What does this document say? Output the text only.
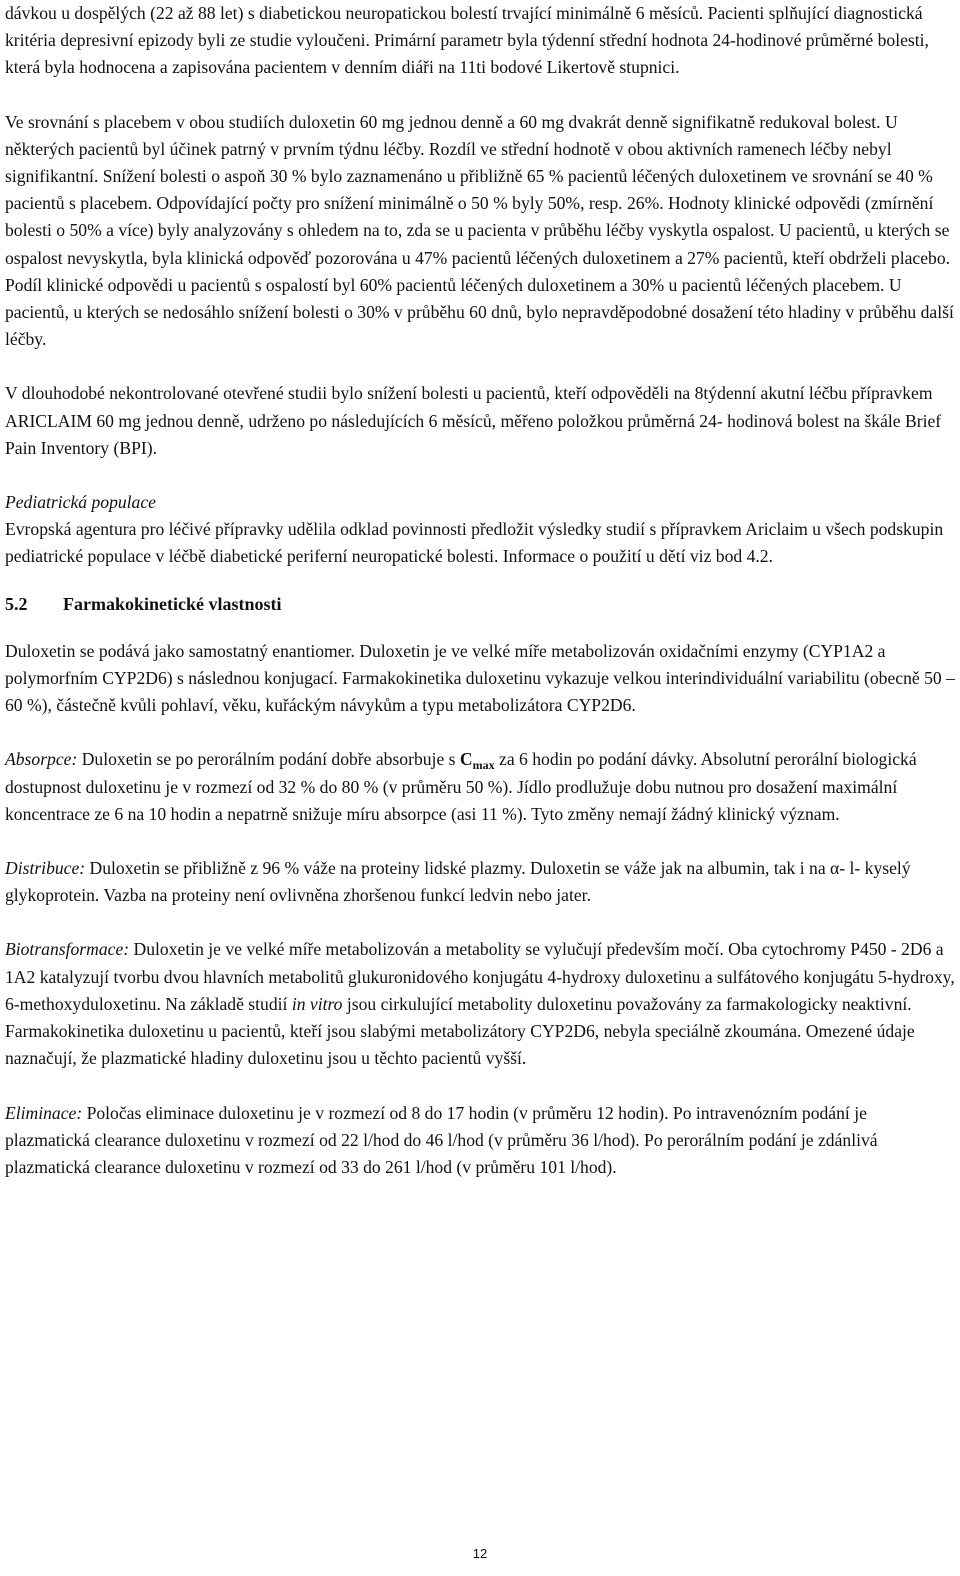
dávkou u dospělých (22 až 88 let) s diabetickou neuropatickou bolestí trvající minimálně 6 měsíců. Pacienti splňující diagnostická kritéria depresivní epizody byli ze studie vyloučeni. Primární parametr byla týdenní střední hodnota 24-hodinové průměrné bolesti, která byla hodnocena a zapisována pacientem v denním diáři na 11ti bodové Likertově stupnici.

Ve srovnání s placebem v obou studiích duloxetin 60 mg jednou denně a 60 mg dvakrát denně signifikatně redukoval bolest. U některých pacientů byl účinek patrný v prvním týdnu léčby. Rozdíl ve střední hodnotě v obou aktivních ramenech léčby nebyl signifikantní. Snížení bolesti o aspoň 30 % bylo zaznamenáno u přibližně 65 % pacientů léčených duloxetinem ve srovnání se 40 % pacientů s placebem. Odpovídající počty pro snížení minimálně o 50 % byly 50%, resp. 26%. Hodnoty klinické odpovědi (zmírnění bolesti o 50% a více) byly analyzovány s ohledem na to, zda se u pacienta v průběhu léčby vyskytla ospalost. U pacientů, u kterých se ospalost nevyskytla, byla klinická odpověď pozorována u 47% pacientů léčených duloxetinem a 27% pacientů, kteří obdrželi placebo. Podíl klinické odpovědi u pacientů s ospalostí byl 60% pacientů léčených duloxetinem a 30% u pacientů léčených placebem. U pacientů, u kterých se nedosáhlo snížení bolesti o 30% v průběhu 60 dnů, bylo nepravděpodobné dosažení této hladiny v průběhu další léčby.

V dlouhodobé nekontrolované otevřené studii bylo snížení bolesti u pacientů, kteří odpověděli na 8týdenní akutní léčbu přípravkem ARICLAIM 60 mg jednou denně, udrženo po následujících 6 měsíců, měřeno položkou průměrná 24- hodinová bolest na škále Brief Pain Inventory (BPI).

Pediatrická populace

Evropská agentura pro léčivé přípravky udělila odklad povinnosti předložit výsledky studií s přípravkem Ariclaim u všech podskupin pediatrické populace v léčbě diabetické periferní neuropatické bolesti. Informace o použití u dětí viz bod 4.2.

5.2 Farmakokinetické vlastnosti

Duloxetin se podává jako samostatný enantiomer. Duloxetin je ve velké míře metabolizován oxidačními enzymy (CYP1A2 a polymorfním CYP2D6) s následnou konjugací. Farmakokinetika duloxetinu vykazuje velkou interindividuální variabilitu (obecně 50 – 60 %), částečně kvůli pohlaví, věku, kuřáckým návykům a typu metabolizátora CYP2D6.

Absorpce: Duloxetin se po perorálním podání dobře absorbuje s $C_{max}$ za 6 hodin po podání dávky. Absolutní perorální biologická dostupnost duloxetinu je v rozmezí od 32 % do 80 % (v průměru 50 %). Jídlo prodlužuje dobu nutnou pro dosažení maximální koncentrace ze 6 na 10 hodin a nepatrně snižuje míru absorpce (asi 11 %). Tyto změny nemají žádný klinický význam.

Distribuce: Duloxetin se přibližně z 96 % váže na proteiny lidské plazmy. Duloxetin se váže jak na albumin, tak i na α- l- kyselý glykoprotein. Vazba na proteiny není ovlivněna zhoršenou funkcí ledvin nebo jater.

Biotransformace: Duloxetin je ve velké míře metabolizován a metabolity se vylučují především močí. Oba cytochromy P450 - 2D6 a 1A2 katalyzují tvorbu dvou hlavních metabolitů glukuronidového konjugátu 4-hydroxy duloxetinu a sulfátového konjugátu 5-hydroxy, 6-methoxyduloxetinu. Na základě studií in vitro jsou cirkulující metabolity duloxetinu považovány za farmakologicky neaktivní. Farmakokinetika duloxetinu u pacientů, kteří jsou slabými metabolizátory CYP2D6, nebyla speciálně zkoumána. Omezené údaje naznačují, že plazmatické hladiny duloxetinu jsou u těchto pacientů vyšší.

Eliminace: Poločas eliminace duloxetinu je v rozmezí od 8 do 17 hodin (v průměru 12 hodin). Po intravenózním podání je plazmatická clearance duloxetinu v rozmezí od 22 l/hod do 46 l/hod (v průměru 36 l/hod). Po perorálním podání je zdánlivá plazmatická clearance duloxetinu v rozmezí od 33 do 261 l/hod (v průměru 101 l/hod).

12
